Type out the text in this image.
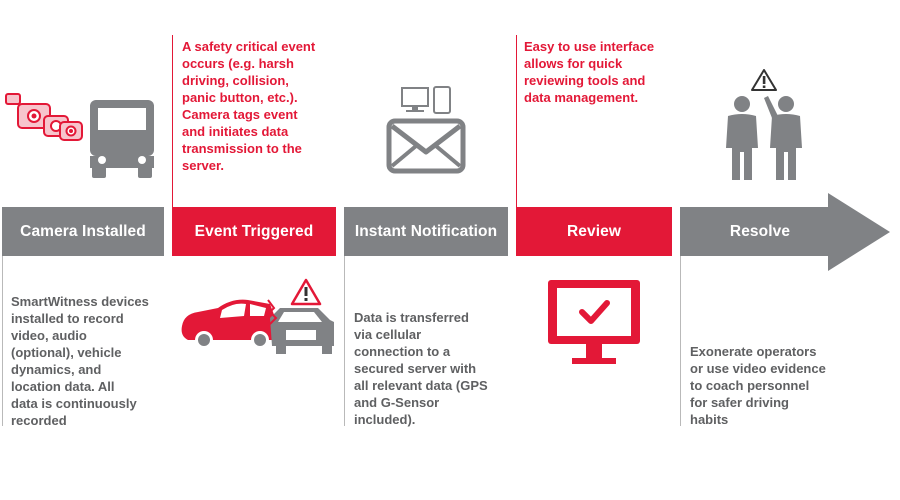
Camera Installed	Event Triggered	Instant Notification	Review	Resolve
SmartWitness devices
installed to record
video, audio
(optional), vehicle
dynamics, and
location data. All
data is continuously
recorded
A safety critical event
occurs (e.g. harsh
driving, collision,
panic button, etc.).
Camera tags event
and initiates data
transmission to the
server.
Data is transferred
via cellular
connection to a
secured server with
all relevant data (GPS
and G-Sensor
included).
Easy to use interface
allows for quick
reviewing tools and
data management.
Exonerate operators
or use video evidence
to coach personnel
for safer driving
habits
